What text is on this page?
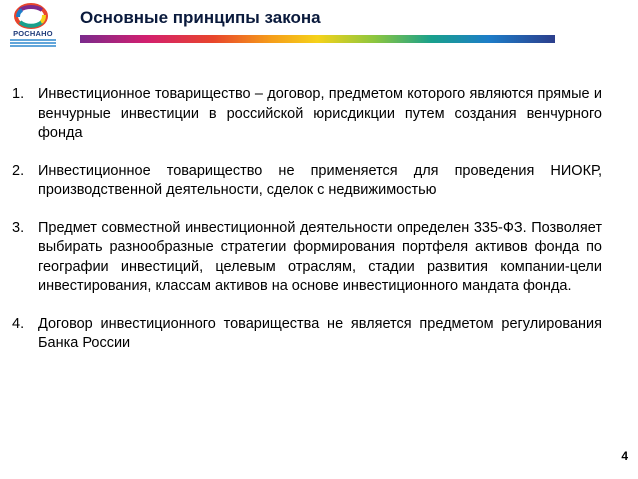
РОСНАНО
Основные принципы закона
1. Инвестиционное товарищество – договор, предметом которого являются прямые и венчурные инвестиции в российской юрисдикции путем создания венчурного фонда
2. Инвестиционное товарищество не применяется для проведения НИОКР, производственной деятельности, сделок с недвижимостью
3. Предмет совместной инвестиционной деятельности определен 335-ФЗ. Позволяет выбирать разнообразные стратегии формирования портфеля активов фонда по географии инвестиций, целевым отраслям, стадии развития компании-цели инвестирования, классам активов на основе инвестиционного мандата фонда.
4. Договор инвестиционного товарищества не является предметом регулирования Банка России
4
